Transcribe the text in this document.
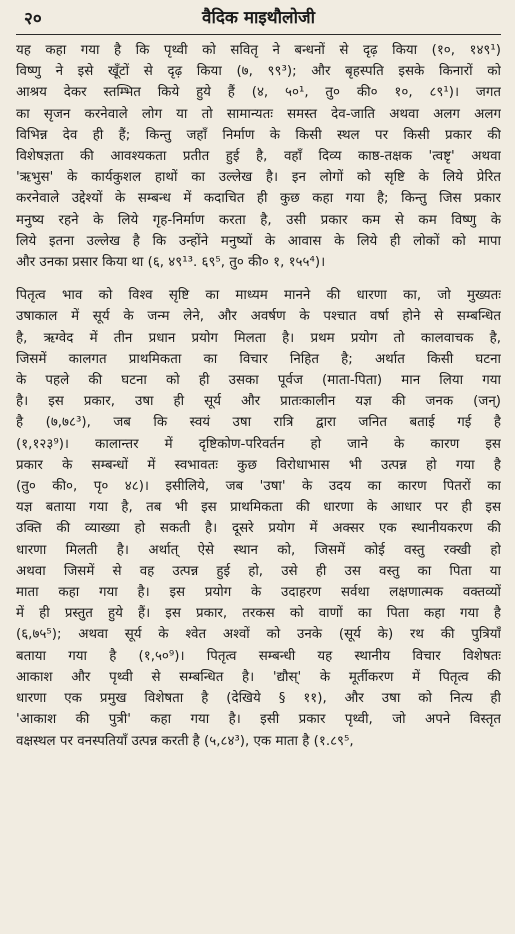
२०	वैदिक माइथौलोजी

यह कहा गया है कि पृथ्वी को सवितृ ने बन्धनों से दृढ़ किया (१०, १४९¹)
विष्णु ने इसे खूँटों से दृढ़ किया (७, ९९³); और बृहस्पति इसके किनारों को
आश्रय देकर स्तम्भित किये हुये हैं (४, ५०¹, तु० की० १०, ८९¹)। जगत
का सृजन करनेवाले लोग या तो सामान्यतः समस्त देव-जाति अथवा अलग अलग
विभिन्न देव ही हैं; किन्तु जहाँ निर्माण के किसी स्थल पर किसी प्रकार की
विशेषज्ञता की आवश्यकता प्रतीत हुई है, वहाँ दिव्य काष्ठ-तक्षक 'त्वष्टृ' अथवा
'ऋभुस' के कार्यकुशल हाथों का उल्लेख है। इन लोगों को सृष्टि के लिये प्रेरित
करनेवाले उद्देश्यों के सम्बन्ध में कदाचित ही कुछ कहा गया है; किन्तु जिस प्रकार
मनुष्य रहने के लिये गृह-निर्माण करता है, उसी प्रकार कम से कम विष्णु के
लिये इतना उल्लेख है कि उन्होंने मनुष्यों के आवास के लिये ही लोकों को मापा
और उनका प्रसार किया था (६, ४९¹³. ६९⁵, तु० की० १, १५५⁴)।

पितृत्व भाव को विश्व सृष्टि का माध्यम मानने की धारणा का, जो मुख्यतः
उषाकाल में सूर्य के जन्म लेने, और अवर्षण के पश्चात वर्षा होने से सम्बन्धित
है, ऋग्वेद में तीन प्रधान प्रयोग मिलता है। प्रथम प्रयोग तो कालवाचक है,
जिसमें कालगत प्राथमिकता का विचार निहित है; अर्थात किसी घटना
के पहले की घटना को ही उसका पूर्वज (माता-पिता) मान लिया गया
है। इस प्रकार, उषा ही सूर्य और प्रातःकालीन यज्ञ की जनक (जन्)
है (७,७८³), जब कि स्वयं उषा रात्रि द्वारा जनित बताई गई है
(१,१२३⁹)। कालान्तर में दृष्टिकोण-परिवर्तन हो जाने के कारण इस
प्रकार के सम्बन्धों में स्वभावतः कुछ विरोधाभास भी उत्पन्न हो गया है
(तु० की०, पृ० ४८)। इसीलिये, जब 'उषा' के उदय का कारण पितरों का
यज्ञ बताया गया है, तब भी इस प्राथमिकता की धारणा के आधार पर ही इस
उक्ति की व्याख्या हो सकती है। दूसरे प्रयोग में अक्सर एक स्थानीयकरण की
धारणा मिलती है। अर्थात् ऐसे स्थान को, जिसमें कोई वस्तु रक्खी हो
अथवा जिसमें से वह उत्पन्न हुई हो, उसे ही उस वस्तु का पिता या
माता कहा गया है। इस प्रयोग के उदाहरण सर्वथा लक्षणात्मक वक्तव्यों
में ही प्रस्तुत हुये हैं। इस प्रकार, तरकस को वाणों का पिता कहा गया है
(६,७५⁵); अथवा सूर्य के श्वेत अश्वों को उनके (सूर्य के) रथ की पुत्रियाँ
बताया गया है (१,५०⁹)। पितृत्व सम्बन्धी यह स्थानीय विचार विशेषतः
आकाश और पृथ्वी से सम्बन्धित है। 'द्यौस्' के मूर्तीकरण में पितृत्व की
धारणा एक प्रमुख विशेषता है (देखिये § ११), और उषा को नित्य ही
'आकाश की पुत्री' कहा गया है। इसी प्रकार पृथ्वी, जो अपने विस्तृत
वक्षस्थल पर वनस्पतियाँ उत्पन्न करती है (५,८४³), एक माता है (१.८९⁵,
